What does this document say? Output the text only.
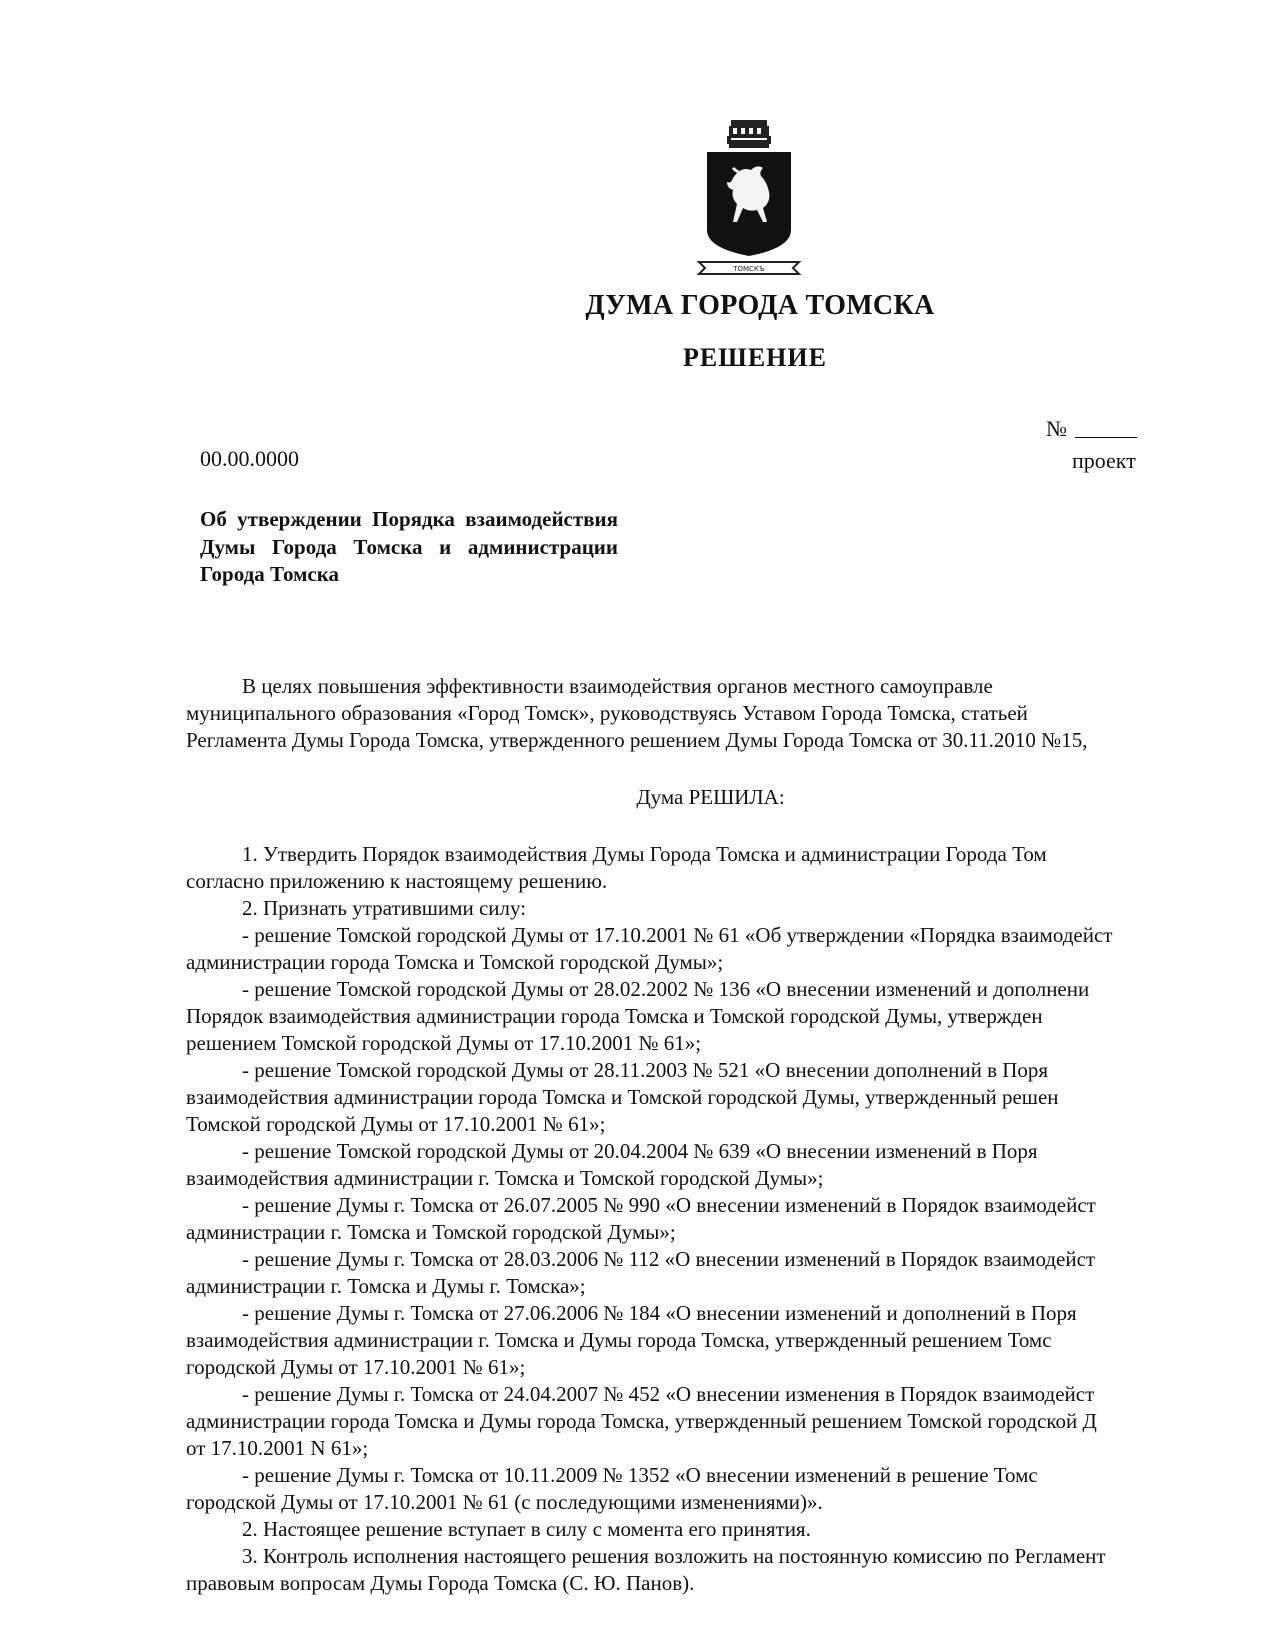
ТОМСКЪ
ДУМА ГОРОДА ТОМСКА
РЕШЕНИЕ
№
00.00.0000	проект
Об утверждении Порядка взаимодействия Думы Города Томска и администрации Города Томска

В целях повышения эффективности взаимодействия органов местного самоуправле

муниципального образования «Город Томск», руководствуясь Уставом Города Томска, статьей

Регламента Думы Города Томска, утвержденного решением Думы Города Томска от 30.11.2010 №15,

Дума РЕШИЛА:

1. Утвердить Порядок взаимодействия Думы Города Томска и администрации Города Том

согласно приложению к настоящему решению.

2. Признать утратившими силу:

- решение Томской городской Думы от 17.10.2001 № 61 «Об утверждении «Порядка взаимодейст

администрации города Томска и Томской городской Думы»;

- решение Томской городской Думы от 28.02.2002 № 136 «О внесении изменений и дополнени

Порядок взаимодействия администрации города Томска и Томской городской Думы, утвержден

решением Томской городской Думы от 17.10.2001 № 61»;

- решение Томской городской Думы от 28.11.2003 № 521 «О внесении дополнений в Поря

взаимодействия администрации города Томска и Томской городской Думы, утвержденный решен

Томской городской Думы от 17.10.2001 № 61»;

- решение Томской городской Думы от 20.04.2004 № 639 «О внесении изменений в Поря

взаимодействия администрации г. Томска и Томской городской Думы»;

- решение Думы г. Томска от 26.07.2005 № 990 «О внесении изменений в Порядок взаимодейст

администрации г. Томска и Томской городской Думы»;

- решение Думы г. Томска от 28.03.2006 № 112 «О внесении изменений в Порядок взаимодейст

администрации г. Томска и Думы г. Томска»;

- решение Думы г. Томска от 27.06.2006 № 184 «О внесении изменений и дополнений в Поря

взаимодействия администрации г. Томска и Думы города Томска, утвержденный решением Томс

городской Думы от 17.10.2001 № 61»;

- решение Думы г. Томска от 24.04.2007 № 452 «О внесении изменения в Порядок взаимодейст

администрации города Томска и Думы города Томска, утвержденный решением Томской городской Д

от 17.10.2001 N 61»;

- решение Думы г. Томска от 10.11.2009 № 1352 «О внесении изменений в решение Томс

городской Думы от 17.10.2001 № 61 (с последующими изменениями)».

2. Настоящее решение вступает в силу с момента его принятия.

3. Контроль исполнения настоящего решения возложить на постоянную комиссию по Регламент

правовым вопросам Думы Города Томска (С. Ю. Панов).
